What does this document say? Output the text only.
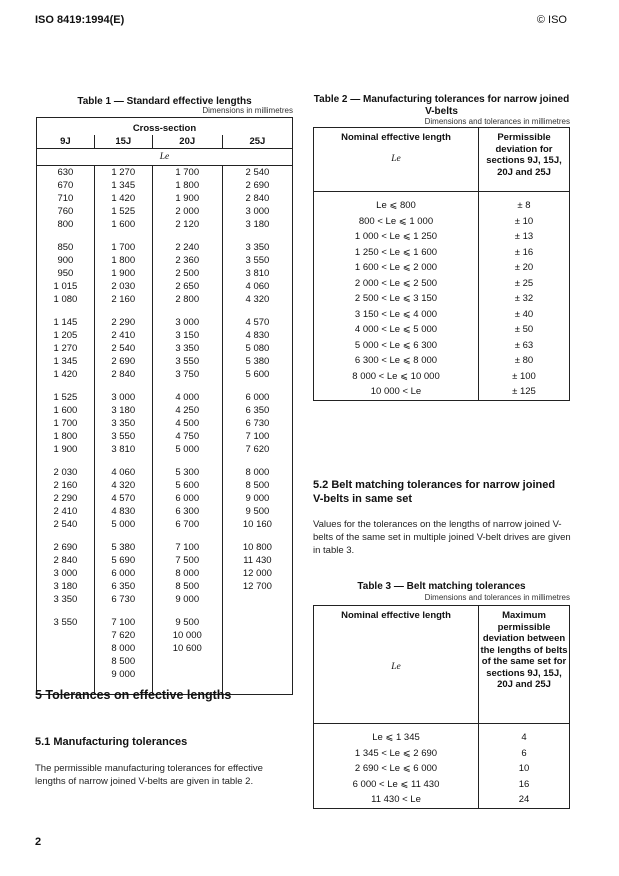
ISO 8419:1994(E)	© ISO
Table 1 — Standard effective lengths
Dimensions in millimetres
Cross-section			
9J	15J	20J	25J
Le			
630	1 270	1 700	2 540
670	1 345	1 800	2 690
710	1 420	1 900	2 840
760	1 525	2 000	3 000
800	1 600	2 120	3 180

850	1 700	2 240	3 350
900	1 800	2 360	3 550
950	1 900	2 500	3 810
1 015	2 030	2 650	4 060
1 080	2 160	2 800	4 320

1 145	2 290	3 000	4 570
1 205	2 410	3 150	4 830
1 270	2 540	3 350	5 080
1 345	2 690	3 550	5 380
1 420	2 840	3 750	5 600

1 525	3 000	4 000	6 000
1 600	3 180	4 250	6 350
1 700	3 350	4 500	6 730
1 800	3 550	4 750	7 100
1 900	3 810	5 000	7 620

2 030	4 060	5 300	8 000
2 160	4 320	5 600	8 500
2 290	4 570	6 000	9 000
2 410	4 830	6 300	9 500
2 540	5 000	6 700	10 160

2 690	5 380	7 100	10 800
2 840	5 690	7 500	11 430
3 000	6 000	8 000	12 000
3 180	6 350	8 500	12 700
3 350	6 730	9 000	

3 550	7 100	9 500	
	7 620	10 000	
	8 000	10 600	
	8 500		
	9 000		

Table 2 — Manufacturing tolerances for narrow joined V-belts
Dimensions and tolerances in millimetres
Nominal effective length
Le	Permissible deviation for sections 9J, 15J, 20J and 25J
Le ⩽ 800	± 8
800 < Le ⩽ 1 000	± 10
1 000 < Le ⩽ 1 250	± 13
1 250 < Le ⩽ 1 600	± 16
1 600 < Le ⩽ 2 000	± 20
2 000 < Le ⩽ 2 500	± 25
2 500 < Le ⩽ 3 150	± 32
3 150 < Le ⩽ 4 000	± 40
4 000 < Le ⩽ 5 000	± 50
5 000 < Le ⩽ 6 300	± 63
6 300 < Le ⩽ 8 000	± 80
8 000 < Le ⩽ 10 000	± 100
10 000 < Le	± 125
5.2 Belt matching tolerances for narrow joined V-belts in same set
Values for the tolerances on the lengths of narrow joined V-belts of the same set in multiple joined V-belt drives are given in table 3.
Table 3 — Belt matching tolerances
Dimensions and tolerances in millimetres
Nominal effective length
Le	Maximum permissible deviation between the lengths of belts of the same set for sections 9J, 15J, 20J and 25J
Le ⩽ 1 345	4
1 345 < Le ⩽ 2 690	6
2 690 < Le ⩽ 6 000	10
6 000 < Le ⩽ 11 430	16
11 430 < Le	24
5 Tolerances on effective lengths
5.1 Manufacturing tolerances
The permissible manufacturing tolerances for effective lengths of narrow joined V-belts are given in table 2.
2
